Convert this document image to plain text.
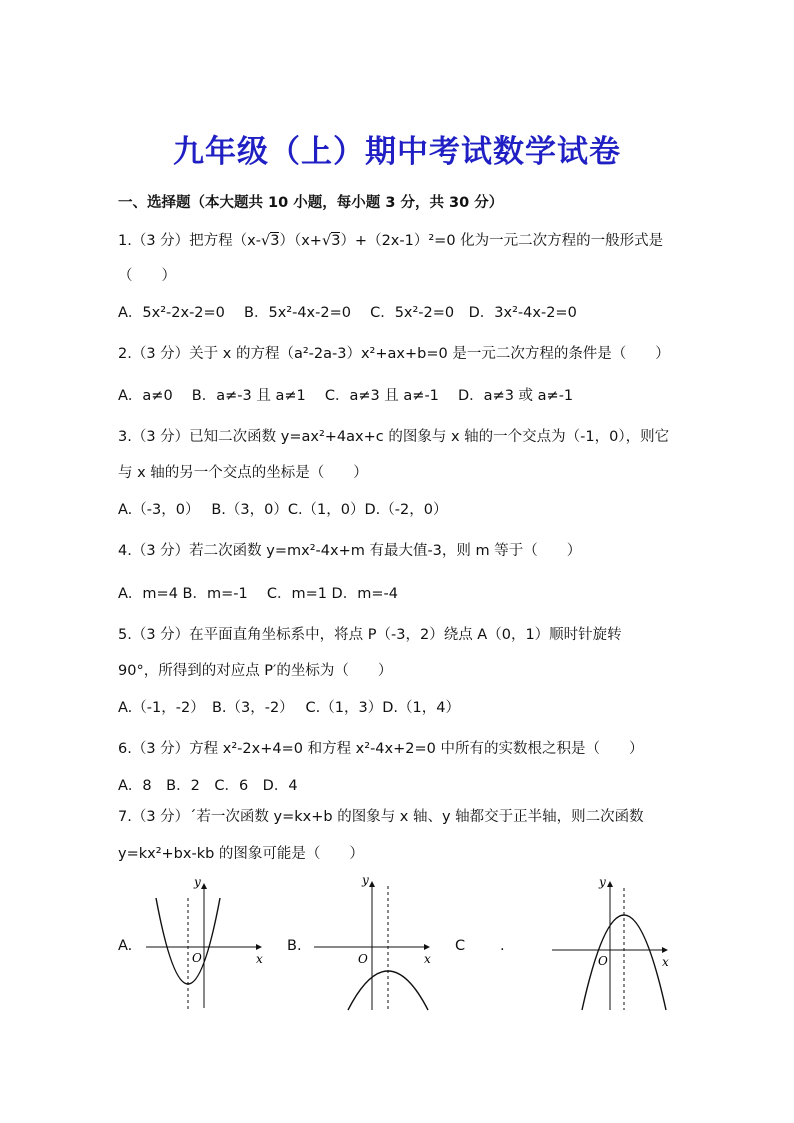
九年级（上）期中考试数学试卷
一、选择题（本大题共 10 小题，每小题 3 分，共 30 分）
1.（3 分）把方程（x-√3）（x+√3）+（2x-1）²=0 化为一元二次方程的一般形式是
（　　）
A．5x²-2x-2=0　 B．5x²-4x-2=0　 C．5x²-2=0　D．3x²-4x-2=0
2.（3 分）关于 x 的方程（a²-2a-3）x²+ax+b=0 是一元二次方程的条件是（　　）
A．a≠0　 B．a≠-3 且 a≠1　 C．a≠3 且 a≠-1　 D．a≠3 或 a≠-1
3.（3 分）已知二次函数 y=ax²+4ax+c 的图象与 x 轴的一个交点为（-1，0），则它
与 x 轴的另一个交点的坐标是（　　）
A.（-3，0）　 B.（3，0）C.（1，0）D.（-2，0）
4.（3 分）若二次函数 y=mx²-4x+m 有最大值-3，则 m 等于（　　）
A．m=4 B．m=-1　 C．m=1 D．m=-4
5.（3 分）在平面直角坐标系中，将点 P（-3，2）绕点 A（0，1）顺时针旋转
90°，所得到的对应点 P′的坐标为（　　）
A.（-1，-2）　B.（3，-2）　 C.（1，3）D.（1，4）
6.（3 分）方程 x²-2x+4=0 和方程 x²-4x+2=0 中所有的实数根之积是（　　）
A．8　B．2　C．6　D．4
7.（3 分）ˊ若一次函数 y=kx+b 的图象与 x 轴、y 轴都交于正半轴，则二次函数
y=kx²+bx-kb 的图象可能是（　　）
A.	B.	C .
x
y
O	x
y
O	x
y
O
